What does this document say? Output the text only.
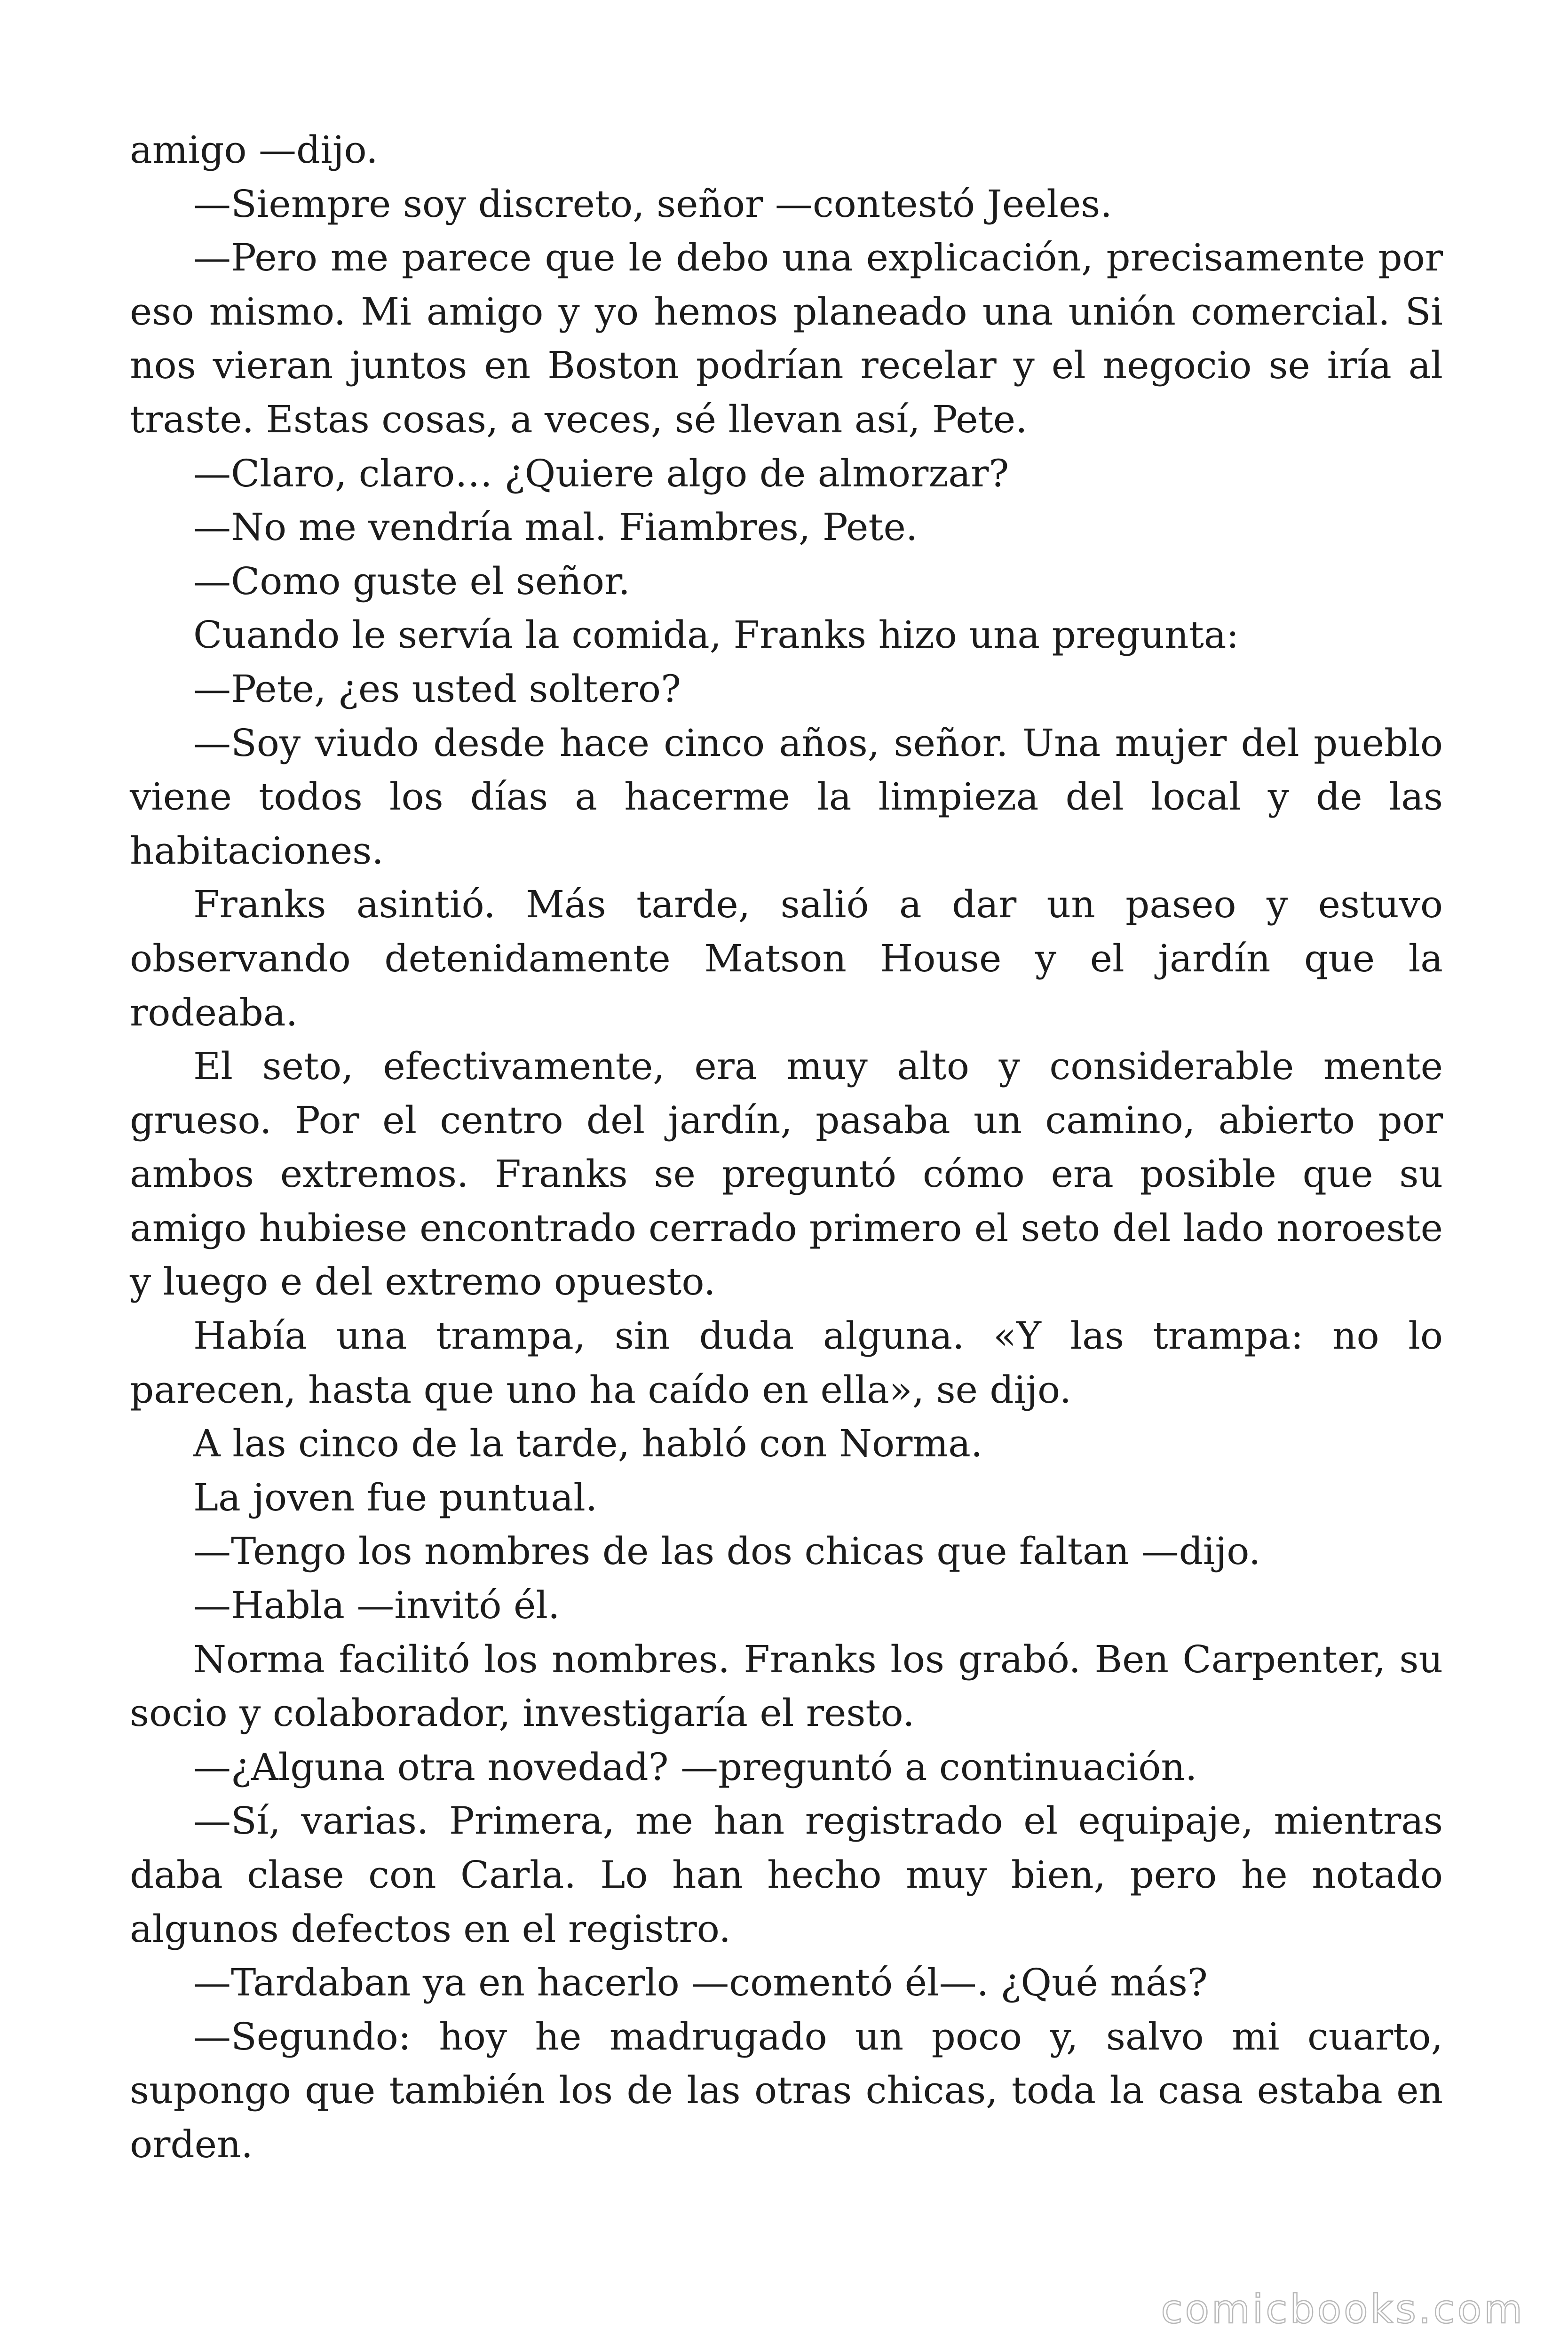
amigo —dijo.

—Siempre soy discreto, señor —contestó Jeeles.

—Pero me parece que le debo una explicación, precisamente por eso mismo. Mi amigo y yo hemos planeado una unión comercial. Si nos vieran juntos en Boston podrían recelar y el negocio se iría al traste. Estas cosas, a veces, sé llevan así, Pete.

—Claro, claro… ¿Quiere algo de almorzar?

—No me vendría mal. Fiambres, Pete.

—Como guste el señor.

Cuando le servía la comida, Franks hizo una pregunta:

—Pete, ¿es usted soltero?

—Soy viudo desde hace cinco años, señor. Una mujer del pueblo viene todos los días a hacerme la limpieza del local y de las habitaciones.

Franks asintió. Más tarde, salió a dar un paseo y estuvo observando detenidamente Matson House y el jardín que la rodeaba.

El seto, efectivamente, era muy alto y considerable mente grueso. Por el centro del jardín, pasaba un camino, abierto por ambos extremos. Franks se preguntó cómo era posible que su amigo hubiese encontrado cerrado primero el seto del lado noroeste y luego e del extremo opuesto.

Había una trampa, sin duda alguna. «Y las trampa: no lo parecen, hasta que uno ha caído en ella», se dijo.

A las cinco de la tarde, habló con Norma.

La joven fue puntual.

—Tengo los nombres de las dos chicas que faltan —dijo.

—Habla —invitó él.

Norma facilitó los nombres. Franks los grabó. Ben Carpenter, su socio y colaborador, investigaría el resto.

—¿Alguna otra novedad? —preguntó a continuación.

—Sí, varias. Primera, me han registrado el equipaje, mientras daba clase con Carla. Lo han hecho muy bien, pero he notado algunos defectos en el registro.

—Tardaban ya en hacerlo —comentó él—. ¿Qué más?

—Segundo: hoy he madrugado un poco y, salvo mi cuarto, supongo que también los de las otras chicas, toda la casa estaba en orden.

comicbooks.com
